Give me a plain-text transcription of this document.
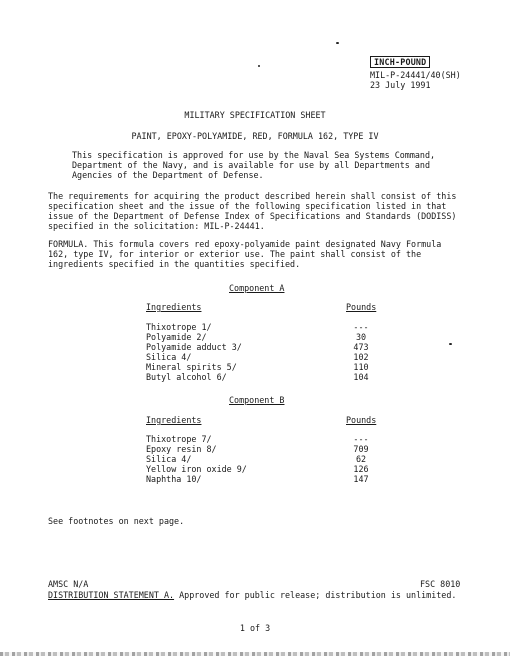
INCH-POUND
MIL-P-24441/40(SH)
23 July 1991
MILITARY SPECIFICATION SHEET
PAINT, EPOXY-POLYAMIDE, RED, FORMULA 162, TYPE IV
This specification is approved for use by the Naval Sea Systems Command,
Department of the Navy, and is available for use by all Departments and
Agencies of the Department of Defense.
The requirements for acquiring the product described herein shall consist of this
specification sheet and the issue of the following specification listed in that
issue of the Department of Defense Index of Specifications and Standards (DODISS)
specified in the solicitation: MIL-P-24441.
FORMULA. This formula covers red epoxy-polyamide paint designated Navy Formula
162, type IV, for interior or exterior use. The paint shall consist of the
ingredients specified in the quantities specified.
Component A
Ingredients	Pounds
Thixotrope 1/	---
Polyamide 2/	30
Polyamide adduct 3/	473
Silica 4/	102
Mineral spirits 5/	110
Butyl alcohol 6/	104
Component B
Ingredients	Pounds
Thixotrope 7/	---
Epoxy resin 8/	709
Silica 4/	62
Yellow iron oxide 9/	126
Naphtha 10/	147
See footnotes on next page.
AMSC N/A	FSC 8010
DISTRIBUTION STATEMENT A. Approved for public release; distribution is unlimited.
1 of 3
